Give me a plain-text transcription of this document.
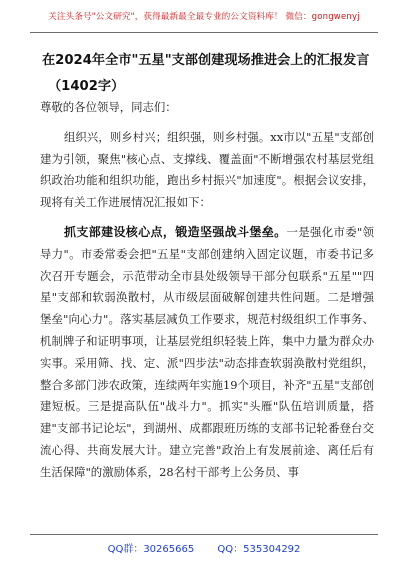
关注头条号"公文研究"，获得最新最全最专业的公文资料库！ 微信：gongwenyj
在2024年全市"五星"支部创建现场推进会上的汇报发言
（1402字）

尊敬的各位领导，同志们：

组织兴，则乡村兴；组织强，则乡村强。xx市以"五星"支部创建为引领，聚焦"核心点、支撑线、覆盖面"不断增强农村基层党组织政治功能和组织功能，跑出乡村振兴"加速度"。根据会议安排，现将有关工作进展情况汇报如下：

抓支部建设核心点，锻造坚强战斗堡垒。一是强化市委"领导力"。市委常委会把"五星"支部创建纳入固定议题，市委书记多次召开专题会，示范带动全市县处级领导干部分包联系"五星""四星"支部和软弱涣散村，从市级层面破解创建共性问题。二是增强堡垒"向心力"。落实基层减负工作要求，规范村级组织工作事务、机制牌子和证明事项，让基层党组织轻装上阵，集中力量为群众办实事。采用筛、找、定、派"四步法"动态排查软弱涣散村党组织，整合多部门涉农政策，连续两年实施19个项目，补齐"五星"支部创建短板。三是提高队伍"战斗力"。抓实"头雁"队伍培训质量，搭建"支部书记论坛"，到湖州、成都跟班历练的支部书记轮番登台交流心得、共商发展大计。建立完善"政治上有发展前途、离任后有生活保障"的激励体系，28名村干部考上公务员、事

QQ群：30265665 QQ：535304292
